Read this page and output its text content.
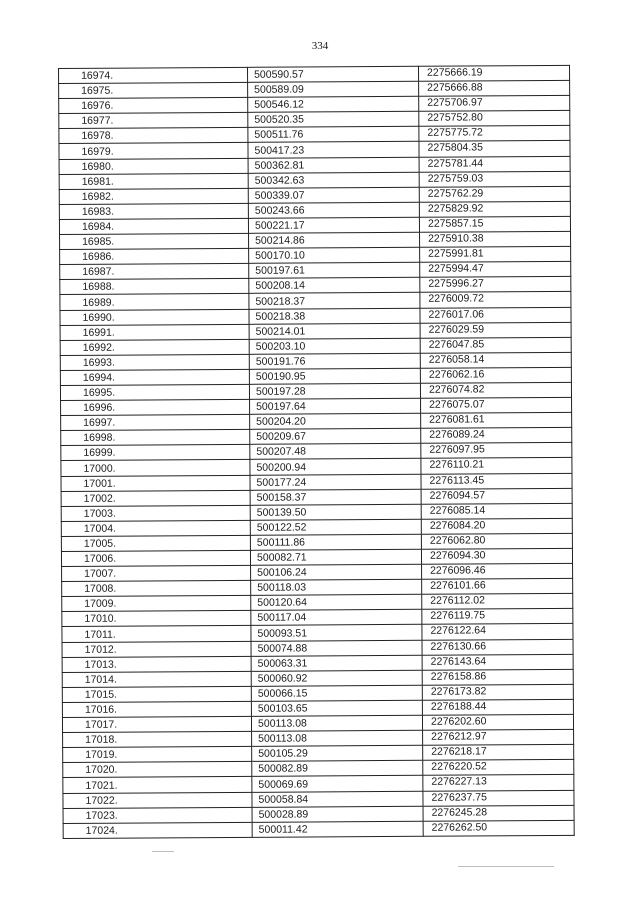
334
16974.	500590.57	2275666.19
16975.	500589.09	2275666.88
16976.	500546.12	2275706.97
16977.	500520.35	2275752.80
16978.	500511.76	2275775.72
16979.	500417.23	2275804.35
16980.	500362.81	2275781.44
16981.	500342.63	2275759.03
16982.	500339.07	2275762.29
16983.	500243.66	2275829.92
16984.	500221.17	2275857.15
16985.	500214.86	2275910.38
16986.	500170.10	2275991.81
16987.	500197.61	2275994.47
16988.	500208.14	2275996.27
16989.	500218.37	2276009.72
16990.	500218.38	2276017.06
16991.	500214.01	2276029.59
16992.	500203.10	2276047.85
16993.	500191.76	2276058.14
16994.	500190.95	2276062.16
16995.	500197.28	2276074.82
16996.	500197.64	2276075.07
16997.	500204.20	2276081.61
16998.	500209.67	2276089.24
16999.	500207.48	2276097.95
17000.	500200.94	2276110.21
17001.	500177.24	2276113.45
17002.	500158.37	2276094.57
17003.	500139.50	2276085.14
17004.	500122.52	2276084.20
17005.	500111.86	2276062.80
17006.	500082.71	2276094.30
17007.	500106.24	2276096.46
17008.	500118.03	2276101.66
17009.	500120.64	2276112.02
17010.	500117.04	2276119.75
17011.	500093.51	2276122.64
17012.	500074.88	2276130.66
17013.	500063.31	2276143.64
17014.	500060.92	2276158.86
17015.	500066.15	2276173.82
17016.	500103.65	2276188.44
17017.	500113.08	2276202.60
17018.	500113.08	2276212.97
17019.	500105.29	2276218.17
17020.	500082.89	2276220.52
17021.	500069.69	2276227.13
17022.	500058.84	2276237.75
17023.	500028.89	2276245.28
17024.	500011.42	2276262.50
